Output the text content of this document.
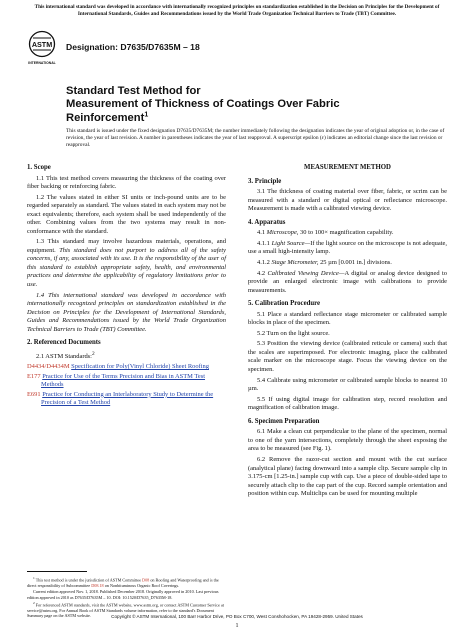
This international standard was developed in accordance with internationally recognized principles on standardization established in the Decision on Principles for the Development of International Standards, Guides and Recommendations issued by the World Trade Organization Technical Barriers to Trade (TBT) Committee.
ASTM
INTERNATIONAL
Designation: D7635/D7635M – 18
Standard Test Method for
Measurement of Thickness of Coatings Over Fabric
Reinforcement$^1$
This standard is issued under the fixed designation D7635/D7635M; the number immediately following the designation indicates the year of original adoption or, in the case of revision, the year of last revision. A number in parentheses indicates the year of last reapproval. A superscript epsilon (ε) indicates an editorial change since the last revision or reapproval.
1. Scope

1.1 This test method covers measuring the thickness of the coating over fiber backing or reinforcing fabric.

1.2 The values stated in either SI units or inch-pound units are to be regarded separately as standard. The values stated in each system may not be exact equivalents; therefore, each system shall be used independently of the other. Combining values from the two systems may result in non-conformance with the standard.

1.3 This standard may involve hazardous materials, operations, and equipment. This standard does not purport to address all of the safety concerns, if any, associated with its use. It is the responsibility of the user of this standard to establish appropriate safety, health, and environmental practices and determine the applicability of regulatory limitations prior to use.

1.4 This international standard was developed in accordance with internationally recognized principles on standardization established in the Decision on Principles for the Development of International Standards, Guides and Recommendations issued by the World Trade Organization Technical Barriers to Trade (TBT) Committee.

2. Referenced Documents

2.1 ASTM Standards:$^2$

D4434/D4434M Specification for Poly(Vinyl Chloride) Sheet Roofing
E177 Practice for Use of the Terms Precision and Bias in ASTM Test Methods
E691 Practice for Conducting an Interlaboratory Study to Determine the Precision of a Test Method
MEASUREMENT METHOD
3. Principle

3.1 The thickness of coating material over fiber, fabric, or scrim can be measured with a standard or digital optical or reflectance microscope. Measurement is made with a calibrated viewing device.

4. Apparatus

4.1 Microscope, 30 to 100× magnification capability.

4.1.1 Light Source—If the light source on the microscope is not adequate, use a small high-intensity lamp.

4.1.2 Stage Micrometer, 25 µm [0.001 in.] divisions.

4.2 Calibrated Viewing Device—A digital or analog device designed to provide an enlarged electronic image with calibrations to provide measurements.

5. Calibration Procedure

5.1 Place a standard reflectance stage micrometer or calibrated sample blocks in place of the specimen.

5.2 Turn on the light source.

5.3 Position the viewing device (calibrated reticule or camera) such that the scales are superimposed. For electronic imaging, place the calibrated scale marker on the microscope stage. Focus the viewing device on the specimen.

5.4 Calibrate using micrometer or calibrated sample blocks to nearest 10 µm.

5.5 If using digital image for calibration step, record resolution and magnification of calibration image.

6. Specimen Preparation

6.1 Make a clean cut perpendicular to the plane of the specimen, normal to one of the yarn intersections, completely through the sheet exposing the area to be measured (see Fig. 1).

6.2 Remove the razor-cut section and mount with the cut surface (analytical plane) facing downward into a sample clip. Secure sample clip in 3.175-cm [1.25-in.] sample cup with cap. Use a piece of double-sided tape to securely attach clip to the cap part of the cup. Record sample orientation and position within cup. Multiclips can be used for mounting multiple

$^1$ This test method is under the jurisdiction of ASTM Committee D08 on Roofing and Waterproofing and is the direct responsibility of Subcommittee D08.18 on Nonbituminous Organic Roof Coverings.

Current edition approved Nov. 1, 2018. Published December 2018. Originally approved in 2010. Last previous edition approved in 2010 as D7635/D7635M – 10. DOI: 10.1520/D7635_D7635M-18.

$^2$ For referenced ASTM standards, visit the ASTM website, www.astm.org, or contact ASTM Customer Service at service@astm.org. For Annual Book of ASTM Standards volume information, refer to the standard's Document Summary page on the ASTM website.	Copyright © ASTM International, 100 Barr Harbor Drive, PO Box C700, West Conshohocken, PA 19428-2959. United States
1
